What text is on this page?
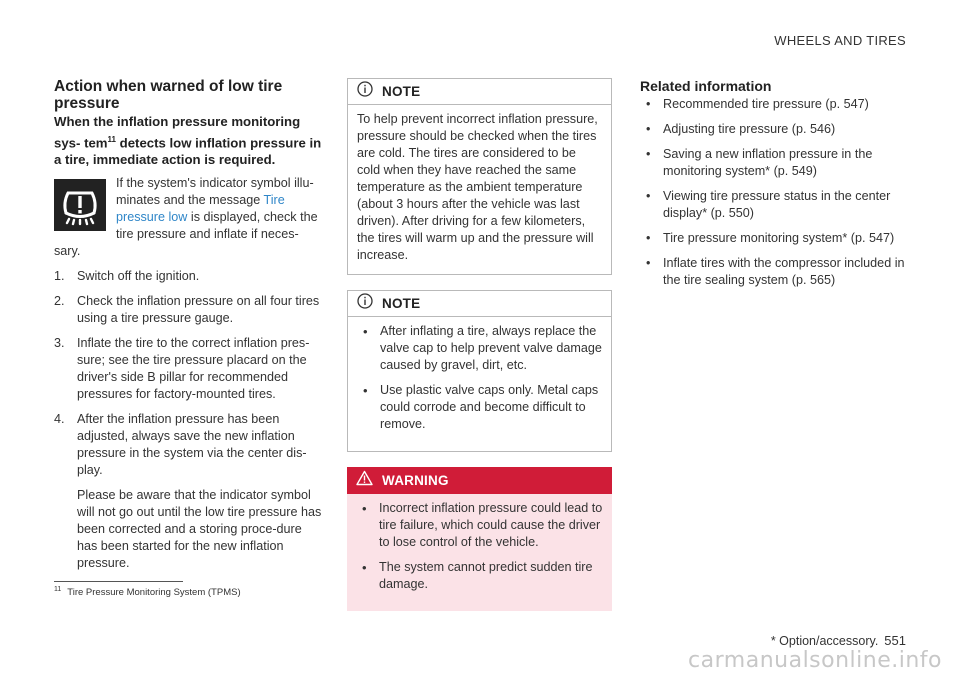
WHEELS AND TIRES
Action when warned of low tire pressure

When the inflation pressure monitoring sys- tem$^{11}$ detects low inflation pressure in a tire, immediate action is required.

If the system's indicator symbol illu-minates and the message Tire pressure low is displayed, check the tire pressure and inflate if neces-sary.
1. Switch off the ignition.
2. Check the inflation pressure on all four tires using a tire pressure gauge.
3. Inflate the tire to the correct inflation pres-sure; see the tire pressure placard on the driver's side B pillar for recommended pressures for factory-mounted tires.
4. After the inflation pressure has been adjusted, always save the new inflation pressure in the system via the center dis-play.

Please be aware that the indicator symbol will not go out until the low tire pressure has been corrected and a storing proce-dure has been started for the new inflation pressure.

NOTE
To help prevent incorrect inflation pressure, pressure should be checked when the tires are cold. The tires are considered to be cold when they have reached the same temperature as the ambient temperature (about 3 hours after the vehicle was last driven). After driving for a few kilometers, the tires will warm up and the pressure will increase.
NOTE
• After inflating a tire, always replace the valve cap to help prevent valve damage caused by gravel, dirt, etc.
• Use plastic valve caps only. Metal caps could corrode and become difficult to remove.
WARNING
• Incorrect inflation pressure could lead to tire failure, which could cause the driver to lose control of the vehicle.
• The system cannot predict sudden tire damage.
Related information
• Recommended tire pressure (p. 547)
• Adjusting tire pressure (p. 546)
• Saving a new inflation pressure in the monitoring system* (p. 549)
• Viewing tire pressure status in the center display* (p. 550)
• Tire pressure monitoring system* (p. 547)
• Inflate tires with the compressor included in the tire sealing system (p. 565)
$^{11}$ Tire Pressure Monitoring System (TPMS)
* Option/accessory. 551
carmanualsonline.info
